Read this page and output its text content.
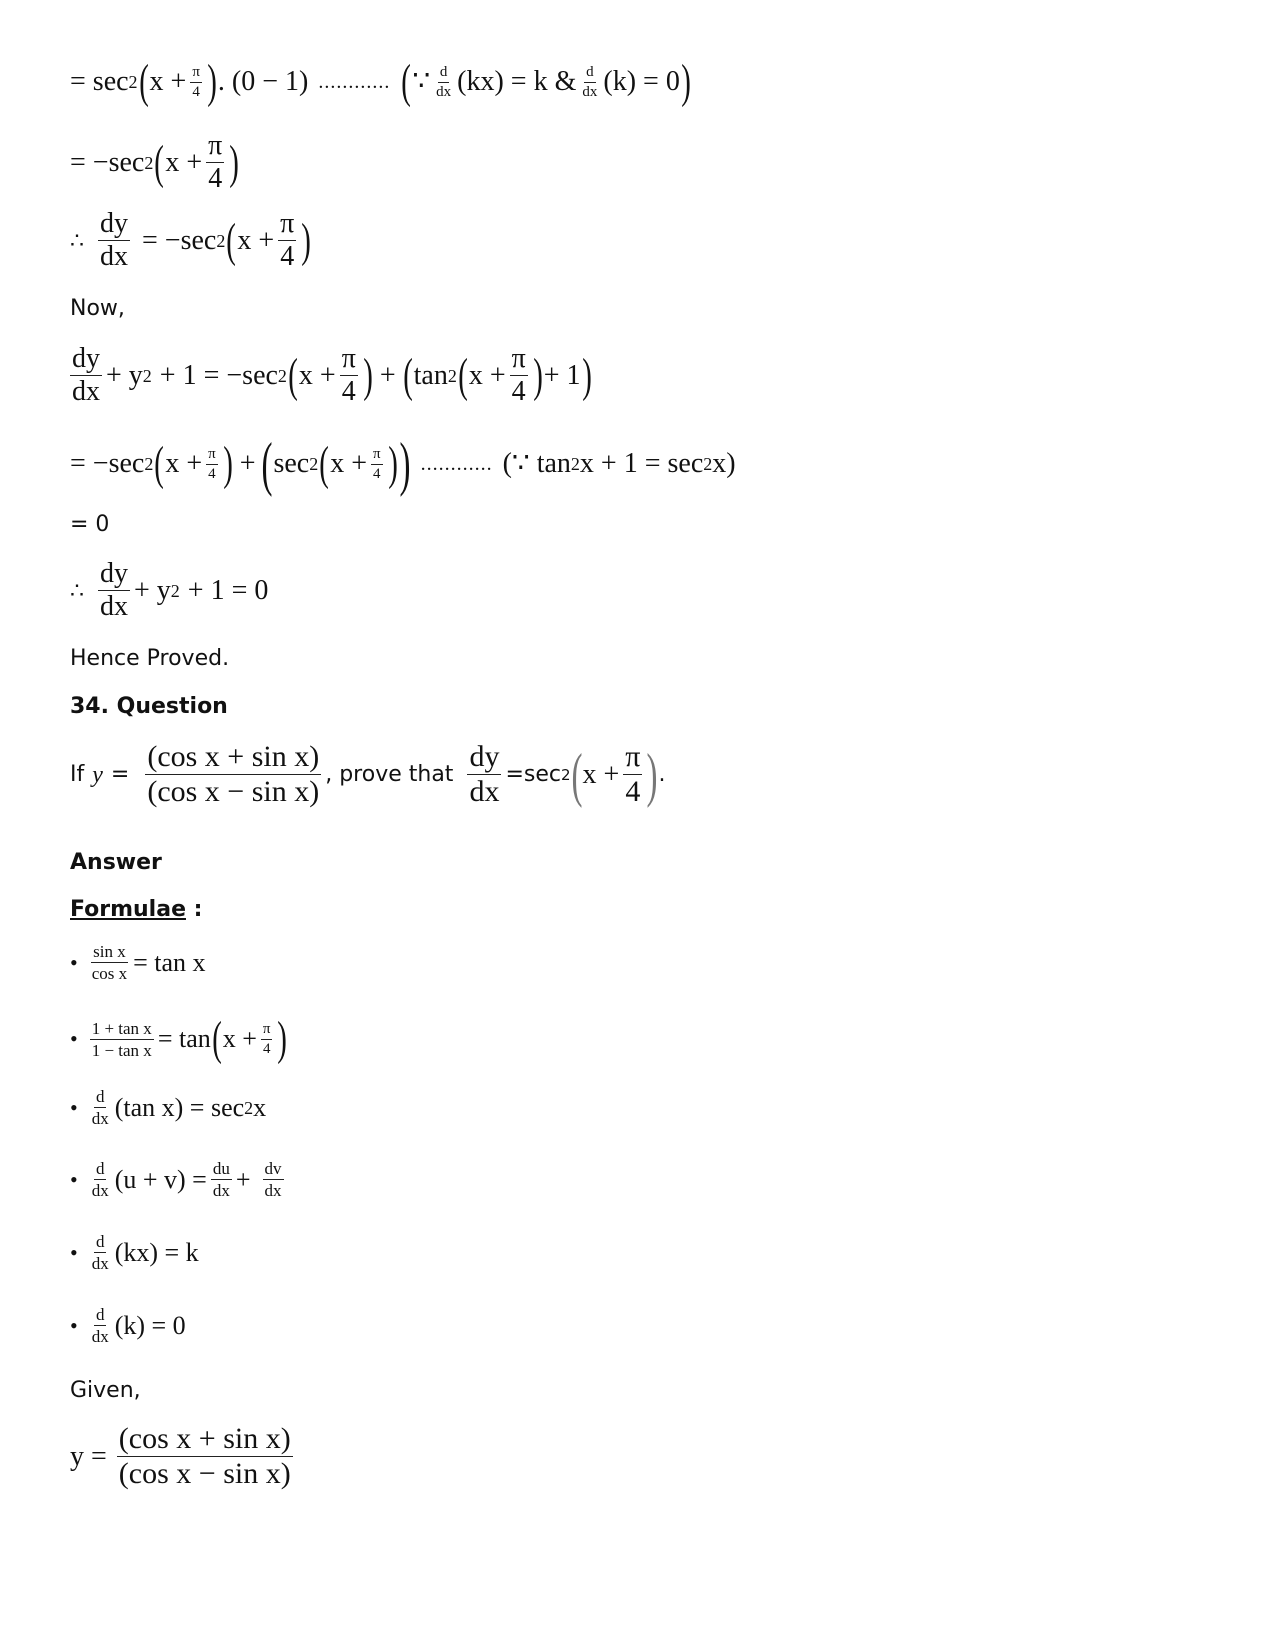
= sec 2 ( $x + \frac{\pi}{4}$ ) . (0 − 1) ............ ( ∵ $\frac{d}{dx} (kx) = k$ & $\frac{d}{dx} (k) = 0$ )
= −sec 2 ( $x + \frac{\pi}{4}$ )
∴ $\frac{dy}{dx} = -\sec$ 2 ( $x + \frac{\pi}{4}$ )
Now,
$\frac{dy}{dx} + y$ 2 + 1 = −sec 2 ( $x + \frac{\pi}{4}$ ) + ( tan 2 ( $x + \frac{\pi}{4}$ ) + 1 )
= −sec 2 ( $x + \frac{\pi}{4}$ ) + ( sec 2 ( $x + \frac{\pi}{4}$ ) ) ............ (∵ tan 2 x + 1 = sec 2 x)
= 0
∴ $\frac{dy}{dx} + y$ 2 + 1 = 0
Hence Proved.
34. Question
If $y = \frac{\text{(cos x + sin x)}}{\text{(cos x − sin x)}}$ , prove that $\frac{dy}{dx} =\sec$ 2 ( $x + \frac{\pi}{4}$ ) .
Answer
Formulae :
• $\frac{\text{sin x}}{\text{cos x}} = \tan x$
• $\frac{\text{1 + tan x}}{\text{1 − tan x}} = \tan$ ( $x + \frac{\pi}{4}$ )
• $\frac{d}{dx} (\tan$ x) = sec 2 x
• $\frac{d}{dx} (u + v) = \frac{du}{dx} + \frac{dv}{dx}$
• $\frac{d}{dx} (kx) = k$
• $\frac{d}{dx} (k) = 0$
Given,
$y = \frac{\text{(cos x + sin x)}}{\text{(cos x − sin x)}}$
